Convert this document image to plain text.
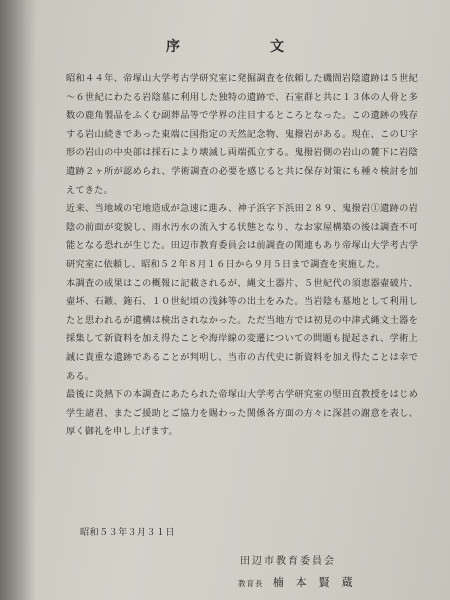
序　文

昭和４４年、帝塚山大学考古学研究室に発掘調査を依頼した磯間岩陰遺跡は５世紀～６世紀にわたる岩陰墓に利用した独特の遺跡で、石室群と共に１３体の人骨と多数の鹿角製品をふくむ副葬品等で学界の注目するところとなった。この遺跡の残存する岩山続きであった東端に国指定の天然記念物、鬼撥岩がある。現在、このＵ字形の岩山の中央部は採石により壊滅し両端孤立する。鬼撥岩側の岩山の麓下に岩陰遺跡２ヶ所が認められ、学術調査の必要を感じると共に保存対策にも種々検討を加えてきた。

近来、当地域の宅地造成が急速に進み、神子浜字下浜田２８９、鬼撥岩①遺跡の岩陰の前面が変貌し、雨水汚水の流入する状態となり、なお家屋構築の後は調査不可能となる恐れが生じた。田辺市教育委員会は前調査の関連もあり帝塚山大学考古学研究室に依頼し、昭和５２年８月１６日から９月５日まで調査を実施した。

本調査の成果はこの概報に記載されるが、縄文土器片、５世紀代の須恵器壷破片、壷坏、石鏃、鉇石、１０世紀頃の浅鉢等の出土をみた。当岩陰も墓地として利用したと思われるが遺構は検出されなかった。ただ当地方では初見の中津式縄文土器を採集して新資料を加え得たことや海岸線の変遷についての問題も提起され、学術上誠に貴重な遺跡であることが判明し、当市の古代史に新資料を加え得たことは幸である。

最後に炎熱下の本調査にあたられた帝塚山大学考古学研究室の堅田直教授をはじめ学生諸君、またご援助とご協力を賜わった関係各方面の方々に深甚の謝意を表し、厚く御礼を申し上げます。

昭和５３年３月３１日
田辺市教育委員会
教育長 楠本賢蔵
